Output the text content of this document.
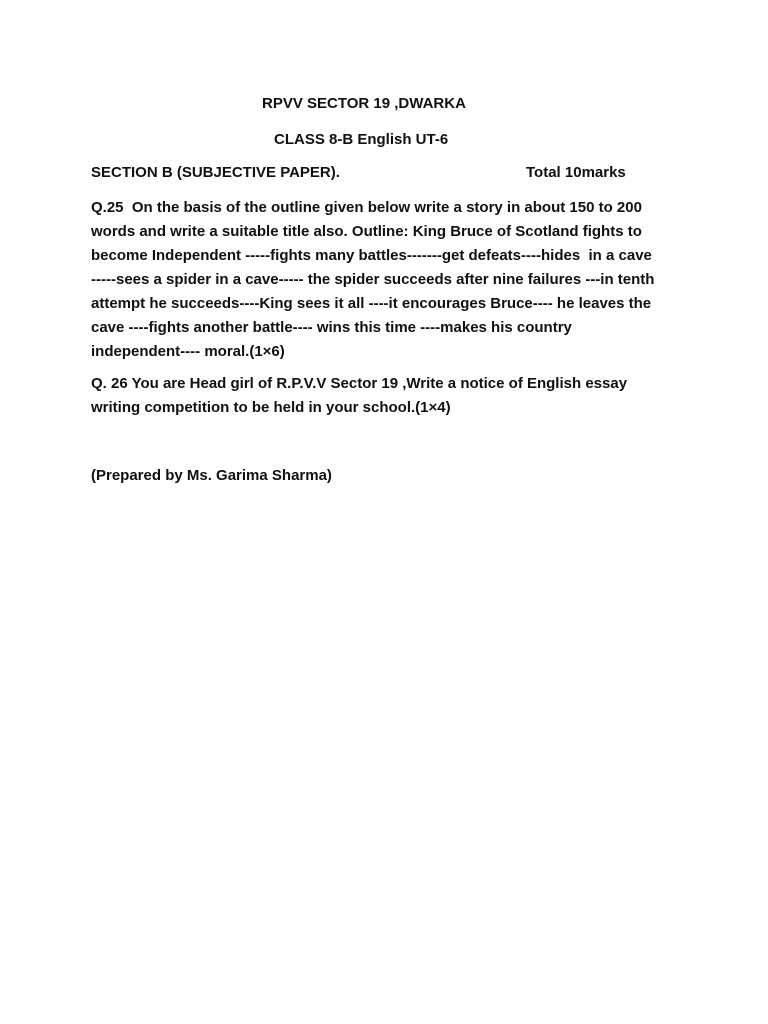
RPVV SECTOR 19 ,DWARKA
CLASS 8-B English UT-6
SECTION B (SUBJECTIVE PAPER).	Total 10marks
Q.25  On the basis of the outline given below write a story in about 150 to 200
words and write a suitable title also. Outline: King Bruce of Scotland fights to
become Independent -----fights many battles-------get defeats----hides  in a cave
-----sees a spider in a cave----- the spider succeeds after nine failures ---in tenth
attempt he succeeds----King sees it all ----it encourages Bruce---- he leaves the
cave ----fights another battle---- wins this time ----makes his country
independent---- moral.(1×6)
Q. 26 You are Head girl of R.P.V.V Sector 19 ,Write a notice of English essay
writing competition to be held in your school.(1×4)
(Prepared by Ms. Garima Sharma)
